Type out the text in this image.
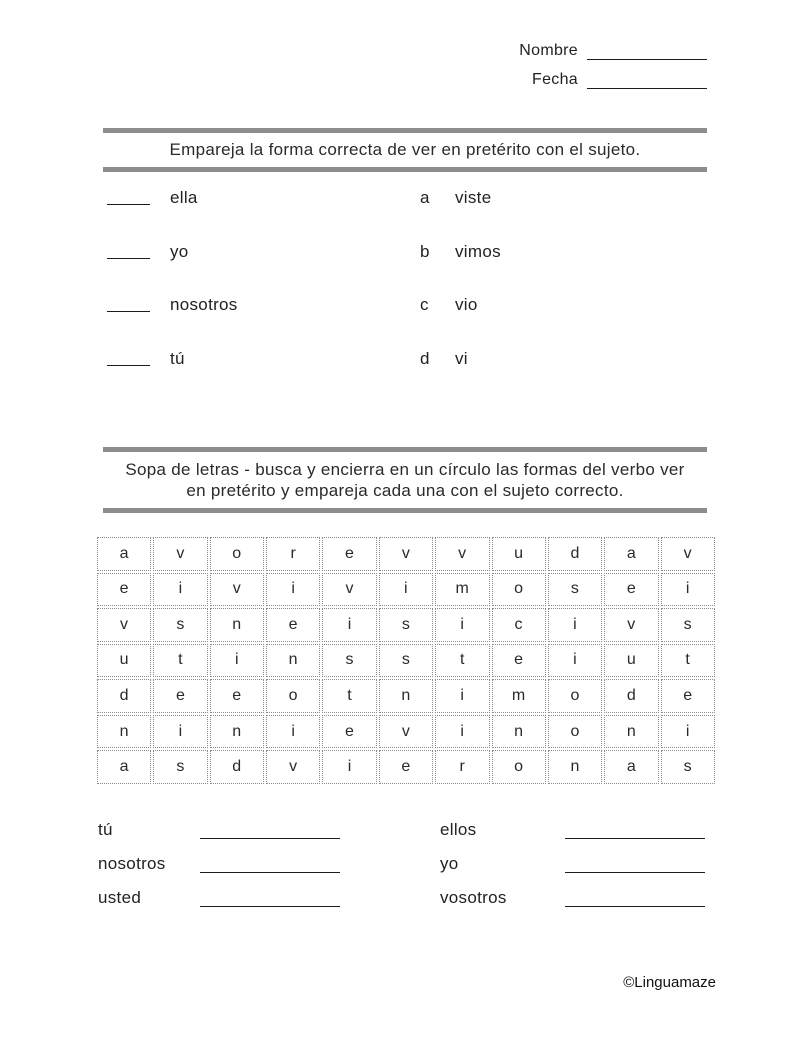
Nombre
Fecha
Empareja la forma correcta de ver en pretérito con el sujeto.
ella	a viste
yo	b vimos
nosotros	c vio
tú	d vi
Sopa de letras - busca y encierra en un círculo las formas del verbo ver
en pretérito y empareja cada una con el sujeto correcto.
a	v	o	r	e	v	v	u	d	a	v
e	i	v	i	v	i	m	o	s	e	i
v	s	n	e	i	s	i	c	i	v	s
u	t	i	n	s	s	t	e	i	u	t
d	e	e	o	t	n	i	m	o	d	e
n	i	n	i	e	v	i	n	o	n	i
a	s	d	v	i	e	r	o	n	a	s
tú	ellos
nosotros	yo
usted	vosotros
©Linguamaze
